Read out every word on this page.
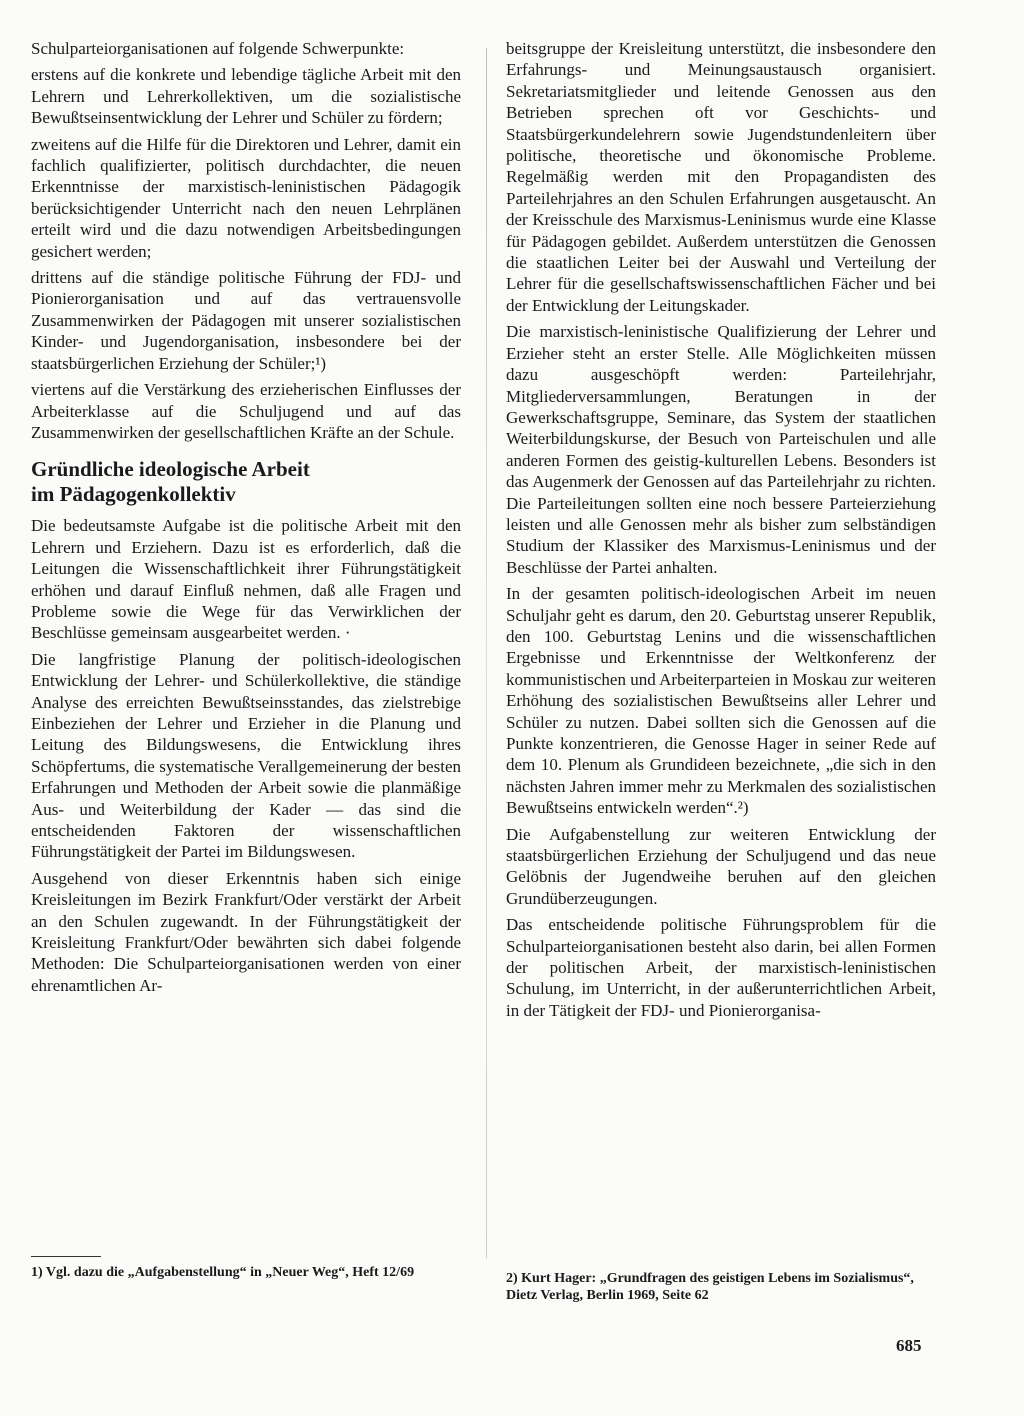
Schulparteiorganisationen auf folgende Schwerpunkte:

erstens auf die konkrete und lebendige tägliche Arbeit mit den Lehrern und Lehrerkollektiven, um die sozialistische Bewußtseinsentwicklung der Lehrer und Schüler zu fördern;

zweitens auf die Hilfe für die Direktoren und Lehrer, damit ein fachlich qualifizierter, politisch durchdachter, die neuen Erkenntnisse der marxistisch-leninistischen Pädagogik berücksichtigender Unterricht nach den neuen Lehrplänen erteilt wird und die dazu notwendigen Arbeitsbedingungen gesichert werden;

drittens auf die ständige politische Führung der FDJ- und Pionierorganisation und auf das vertrauensvolle Zusammenwirken der Pädagogen mit unserer sozialistischen Kinder- und Jugendorganisation, insbesondere bei der staatsbürgerlichen Erziehung der Schüler;¹)

viertens auf die Verstärkung des erzieherischen Einflusses der Arbeiterklasse auf die Schuljugend und auf das Zusammenwirken der gesellschaftlichen Kräfte an der Schule.

Gründliche ideologische Arbeit
im Pädagogenkollektiv

Die bedeutsamste Aufgabe ist die politische Arbeit mit den Lehrern und Erziehern. Dazu ist es erforderlich, daß die Leitungen die Wissenschaftlichkeit ihrer Führungstätigkeit erhöhen und darauf Einfluß nehmen, daß alle Fragen und Probleme sowie die Wege für das Verwirklichen der Beschlüsse gemeinsam ausgearbeitet werden. ·

Die langfristige Planung der politisch-ideologischen Entwicklung der Lehrer- und Schülerkollektive, die ständige Analyse des erreichten Bewußtseinsstandes, das zielstrebige Einbeziehen der Lehrer und Erzieher in die Planung und Leitung des Bildungswesens, die Entwicklung ihres Schöpfertums, die systematische Verallgemeinerung der besten Erfahrungen und Methoden der Arbeit sowie die planmäßige Aus- und Weiterbildung der Kader — das sind die entscheidenden Faktoren der wissenschaftlichen Führungstätigkeit der Partei im Bildungswesen.

Ausgehend von dieser Erkenntnis haben sich einige Kreisleitungen im Bezirk Frankfurt/Oder verstärkt der Arbeit an den Schulen zugewandt. In der Führungstätigkeit der Kreisleitung Frankfurt/Oder bewährten sich dabei folgende Methoden: Die Schulparteiorganisationen werden von einer ehrenamtlichen Ar-

beitsgruppe der Kreisleitung unterstützt, die insbesondere den Erfahrungs- und Meinungsaustausch organisiert. Sekretariatsmitglieder und leitende Genossen aus den Betrieben sprechen oft vor Geschichts- und Staatsbürgerkundelehrern sowie Jugendstundenleitern über politische, theoretische und ökonomische Probleme. Regelmäßig werden mit den Propagandisten des Parteilehrjahres an den Schulen Erfahrungen ausgetauscht. An der Kreisschule des Marxismus-Leninismus wurde eine Klasse für Pädagogen gebildet. Außerdem unterstützen die Genossen die staatlichen Leiter bei der Auswahl und Verteilung der Lehrer für die gesellschaftswissenschaftlichen Fächer und bei der Entwicklung der Leitungskader.

Die marxistisch-leninistische Qualifizierung der Lehrer und Erzieher steht an erster Stelle. Alle Möglichkeiten müssen dazu ausgeschöpft werden: Parteilehrjahr, Mitgliederversammlungen, Beratungen in der Gewerkschaftsgruppe, Seminare, das System der staatlichen Weiterbildungskurse, der Besuch von Parteischulen und alle anderen Formen des geistig-kulturellen Lebens. Besonders ist das Augenmerk der Genossen auf das Parteilehrjahr zu richten. Die Parteileitungen sollten eine noch bessere Parteierziehung leisten und alle Genossen mehr als bisher zum selbständigen Studium der Klassiker des Marxismus-Leninismus und der Beschlüsse der Partei anhalten.

In der gesamten politisch-ideologischen Arbeit im neuen Schuljahr geht es darum, den 20. Geburtstag unserer Republik, den 100. Geburtstag Lenins und die wissenschaftlichen Ergebnisse und Erkenntnisse der Weltkonferenz der kommunistischen und Arbeiterparteien in Moskau zur weiteren Erhöhung des sozialistischen Bewußtseins aller Lehrer und Schüler zu nutzen. Dabei sollten sich die Genossen auf die Punkte konzentrieren, die Genosse Hager in seiner Rede auf dem 10. Plenum als Grundideen bezeichnete, „die sich in den nächsten Jahren immer mehr zu Merkmalen des sozialistischen Bewußtseins entwickeln werden“.²)

Die Aufgabenstellung zur weiteren Entwicklung der staatsbürgerlichen Erziehung der Schuljugend und das neue Gelöbnis der Jugendweihe beruhen auf den gleichen Grundüberzeugungen.

Das entscheidende politische Führungsproblem für die Schulparteiorganisationen besteht also darin, bei allen Formen der politischen Arbeit, der marxistisch-leninistischen Schulung, im Unterricht, in der außerunterrichtlichen Arbeit, in der Tätigkeit der FDJ- und Pionierorganisa-

1) Vgl. dazu die „Aufgabenstellung“ in „Neuer Weg“, Heft 12/69	2) Kurt Hager: „Grundfragen des geistigen Lebens im Sozialismus“, Dietz Verlag, Berlin 1969, Seite 62
685
